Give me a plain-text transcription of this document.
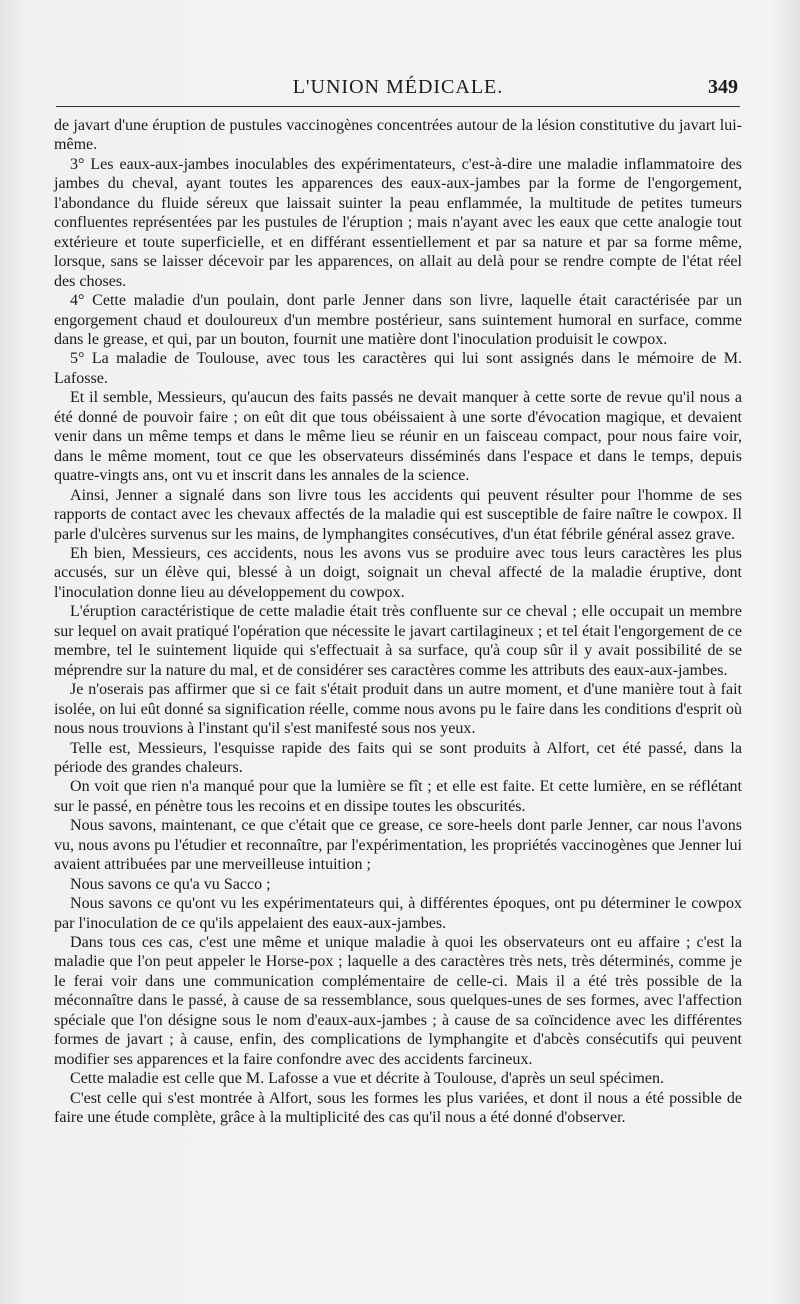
L'UNION MÉDICALE.	349

de javart d'une éruption de pustules vaccinogènes concentrées autour de la lésion constitutive du javart lui-même.

3° Les eaux-aux-jambes inoculables des expérimentateurs, c'est-à-dire une maladie inflammatoire des jambes du cheval, ayant toutes les apparences des eaux-aux-jambes par la forme de l'engorgement, l'abondance du fluide séreux que laissait suinter la peau enflammée, la multitude de petites tumeurs confluentes représentées par les pustules de l'éruption ; mais n'ayant avec les eaux que cette analogie tout extérieure et toute superficielle, et en différant essentiellement et par sa nature et par sa forme même, lorsque, sans se laisser décevoir par les apparences, on allait au delà pour se rendre compte de l'état réel des choses.

4° Cette maladie d'un poulain, dont parle Jenner dans son livre, laquelle était caractérisée par un engorgement chaud et douloureux d'un membre postérieur, sans suintement humoral en surface, comme dans le grease, et qui, par un bouton, fournit une matière dont l'inoculation produisit le cowpox.

5° La maladie de Toulouse, avec tous les caractères qui lui sont assignés dans le mémoire de M. Lafosse.

Et il semble, Messieurs, qu'aucun des faits passés ne devait manquer à cette sorte de revue qu'il nous a été donné de pouvoir faire ; on eût dit que tous obéissaient à une sorte d'évocation magique, et devaient venir dans un même temps et dans le même lieu se réunir en un faisceau compact, pour nous faire voir, dans le même moment, tout ce que les observateurs disséminés dans l'espace et dans le temps, depuis quatre-vingts ans, ont vu et inscrit dans les annales de la science.

Ainsi, Jenner a signalé dans son livre tous les accidents qui peuvent résulter pour l'homme de ses rapports de contact avec les chevaux affectés de la maladie qui est susceptible de faire naître le cowpox. Il parle d'ulcères survenus sur les mains, de lymphangites consécutives, d'un état fébrile général assez grave.

Eh bien, Messieurs, ces accidents, nous les avons vus se produire avec tous leurs caractères les plus accusés, sur un élève qui, blessé à un doigt, soignait un cheval affecté de la maladie éruptive, dont l'inoculation donne lieu au développement du cowpox.

L'éruption caractéristique de cette maladie était très confluente sur ce cheval ; elle occupait un membre sur lequel on avait pratiqué l'opération que nécessite le javart cartilagineux ; et tel était l'engorgement de ce membre, tel le suintement liquide qui s'effectuait à sa surface, qu'à coup sûr il y avait possibilité de se méprendre sur la nature du mal, et de considérer ses caractères comme les attributs des eaux-aux-jambes.

Je n'oserais pas affirmer que si ce fait s'était produit dans un autre moment, et d'une manière tout à fait isolée, on lui eût donné sa signification réelle, comme nous avons pu le faire dans les conditions d'esprit où nous nous trouvions à l'instant qu'il s'est manifesté sous nos yeux.

Telle est, Messieurs, l'esquisse rapide des faits qui se sont produits à Alfort, cet été passé, dans la période des grandes chaleurs.

On voit que rien n'a manqué pour que la lumière se fît ; et elle est faite. Et cette lumière, en se réflétant sur le passé, en pénètre tous les recoins et en dissipe toutes les obscurités.

Nous savons, maintenant, ce que c'était que ce grease, ce sore-heels dont parle Jenner, car nous l'avons vu, nous avons pu l'étudier et reconnaître, par l'expérimentation, les propriétés vaccinogènes que Jenner lui avaient attribuées par une merveilleuse intuition ;

Nous savons ce qu'a vu Sacco ;

Nous savons ce qu'ont vu les expérimentateurs qui, à différentes époques, ont pu déterminer le cowpox par l'inoculation de ce qu'ils appelaient des eaux-aux-jambes.

Dans tous ces cas, c'est une même et unique maladie à quoi les observateurs ont eu affaire ; c'est la maladie que l'on peut appeler le Horse-pox ; laquelle a des caractères très nets, très déterminés, comme je le ferai voir dans une communication complémentaire de celle-ci. Mais il a été très possible de la méconnaître dans le passé, à cause de sa ressemblance, sous quelques-unes de ses formes, avec l'affection spéciale que l'on désigne sous le nom d'eaux-aux-jambes ; à cause de sa coïncidence avec les différentes formes de javart ; à cause, enfin, des complications de lymphangite et d'abcès consécutifs qui peuvent modifier ses apparences et la faire confondre avec des accidents farcineux.

Cette maladie est celle que M. Lafosse a vue et décrite à Toulouse, d'après un seul spécimen.

C'est celle qui s'est montrée à Alfort, sous les formes les plus variées, et dont il nous a été possible de faire une étude complète, grâce à la multiplicité des cas qu'il nous a été donné d'observer.
